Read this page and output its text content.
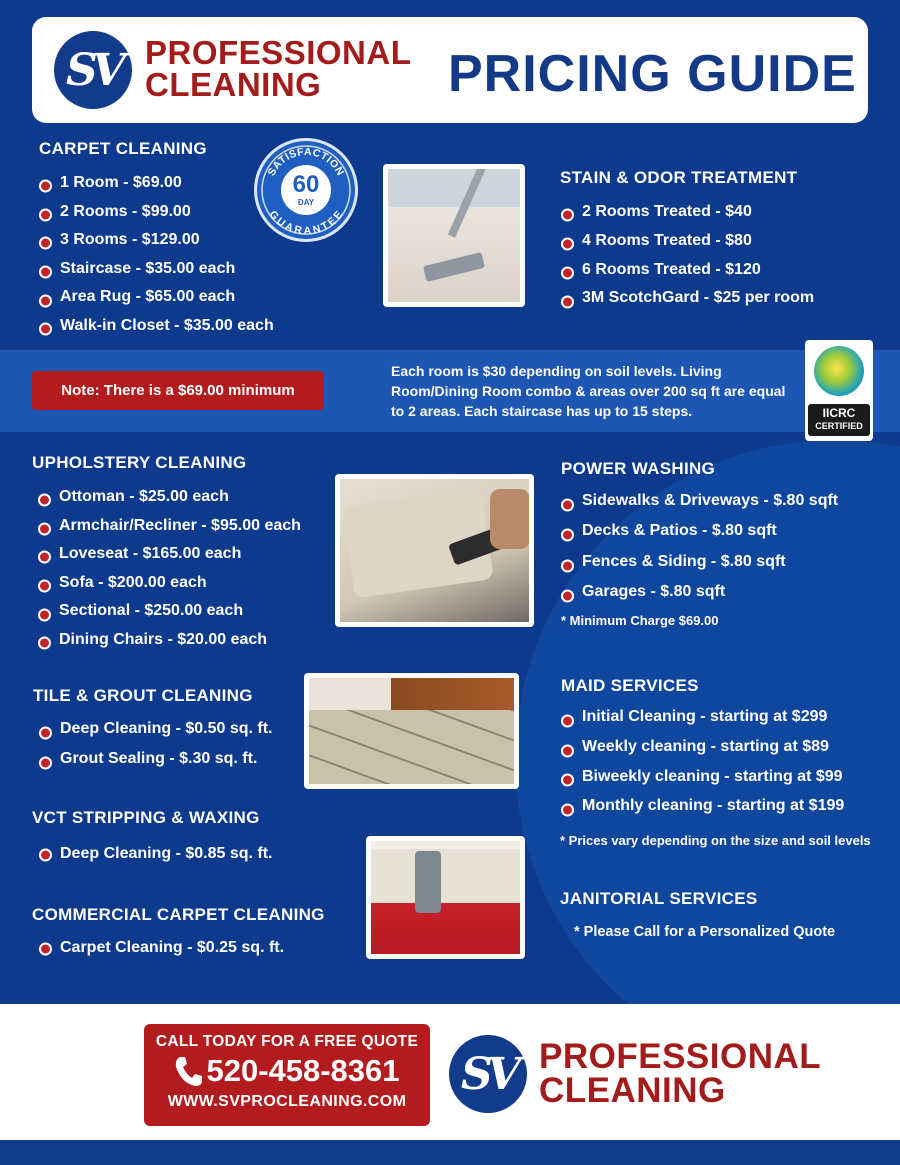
SV PROFESSIONAL
CLEANING	PRICING GUIDE
CARPET CLEANING
1 Room - $69.00
2 Rooms - $99.00
3 Rooms - $129.00
Staircase - $35.00 each
Area Rug - $65.00 each
Walk-in Closet - $35.00 each
SATISFACTION
GUARANTEE
60
DAY
STAIN & ODOR TREATMENT
2 Rooms Treated - $40
4 Rooms Treated - $80
6 Rooms Treated - $120
3M ScotchGard - $25 per room
Note: There is a $69.00 minimum
Each room is $30 depending on soil levels. Living Room/Dining Room combo & areas over 200 sq ft are equal to 2 areas. Each staircase has up to 15 steps.	IICRC
CERTIFIED
UPHOLSTERY CLEANING
Ottoman - $25.00 each
Armchair/Recliner - $95.00 each
Loveseat - $165.00 each
Sofa - $200.00 each
Sectional - $250.00 each
Dining Chairs - $20.00 each
POWER WASHING
Sidewalks & Driveways - $.80 sqft
Decks & Patios - $.80 sqft
Fences & Siding - $.80 sqft
Garages - $.80 sqft
* Minimum Charge $69.00
TILE & GROUT CLEANING
Deep Cleaning - $0.50 sq. ft.
Grout Sealing - $.30 sq. ft.
MAID SERVICES
Initial Cleaning - starting at $299
Weekly cleaning - starting at $89
Biweekly cleaning - starting at $99
Monthly cleaning - starting at $199
* Prices vary depending on the size and soil levels
VCT STRIPPING & WAXING
Deep Cleaning - $0.85 sq. ft.
COMMERCIAL CARPET CLEANING
Carpet Cleaning - $0.25 sq. ft.
JANITORIAL SERVICES
* Please Call for a Personalized Quote
CALL TODAY FOR A FREE QUOTE
520-458-8361
WWW.SVPROCLEANING.COM
SV PROFESSIONAL
CLEANING
